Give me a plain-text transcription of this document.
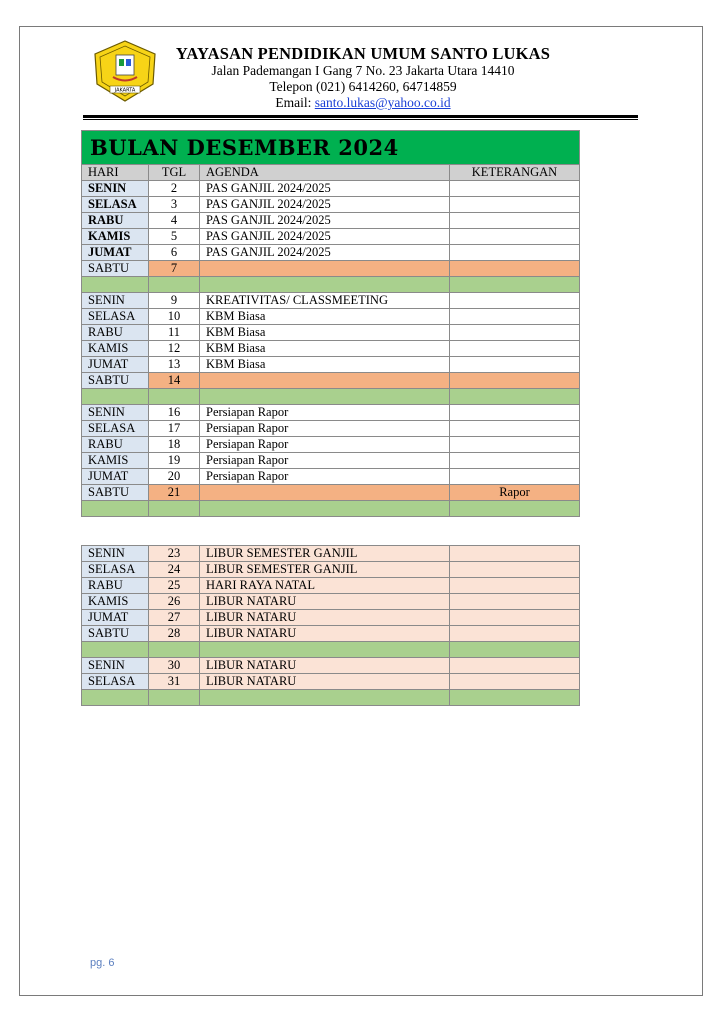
JAKARTA
YAYASAN PENDIDIKAN UMUM SANTO LUKAS
Jalan Pademangan I Gang 7 No. 23 Jakarta Utara 14410
Telepon (021) 6414260, 64714859
Email: santo.lukas@yahoo.co.id
BULAN DESEMBER 2024			
HARI	TGL	AGENDA	KETERANGAN
SENIN	2	PAS GANJIL 2024/2025	
SELASA	3	PAS GANJIL 2024/2025	
RABU	4	PAS GANJIL 2024/2025	
KAMIS	5	PAS GANJIL 2024/2025	
JUMAT	6	PAS GANJIL 2024/2025	
SABTU	7		

SENIN	9	KREATIVITAS/ CLASSMEETING	
SELASA	10	KBM Biasa	
RABU	11	KBM Biasa	
KAMIS	12	KBM Biasa	
JUMAT	13	KBM Biasa	
SABTU	14		

SENIN	16	Persiapan Rapor	
SELASA	17	Persiapan Rapor	
RABU	18	Persiapan Rapor	
KAMIS	19	Persiapan Rapor	
JUMAT	20	Persiapan Rapor	
SABTU	21		Rapor

SENIN	23	LIBUR SEMESTER GANJIL	
SELASA	24	LIBUR SEMESTER GANJIL	
RABU	25	HARI RAYA NATAL	
KAMIS	26	LIBUR NATARU	
JUMAT	27	LIBUR NATARU	
SABTU	28	LIBUR NATARU	

SENIN	30	LIBUR NATARU	
SELASA	31	LIBUR NATARU	

pg. 6
